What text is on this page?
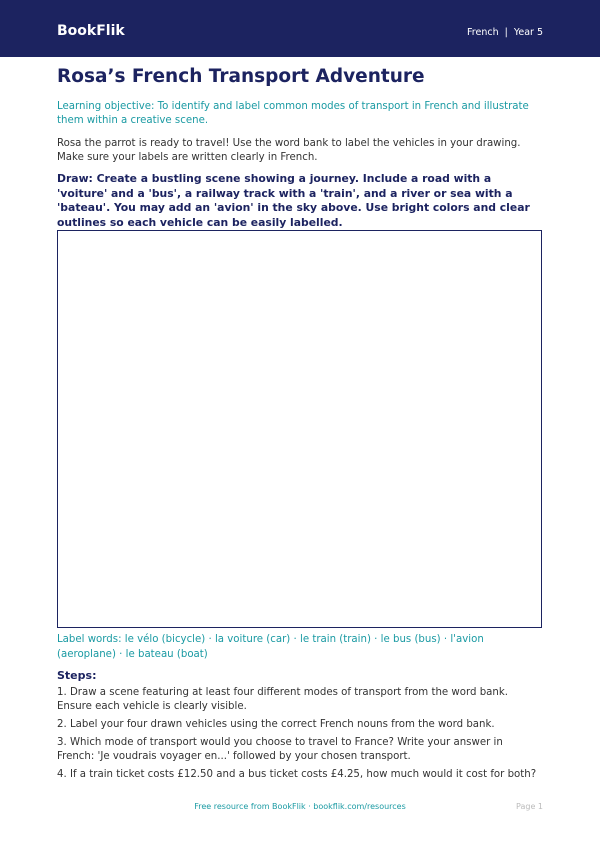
BookFlik	French | Year 5
Rosa’s French Transport Adventure
Learning objective: To identify and label common modes of transport in French and illustrate them within a creative scene.
Rosa the parrot is ready to travel! Use the word bank to label the vehicles in your drawing. Make sure your labels are written clearly in French.
Draw: Create a bustling scene showing a journey. Include a road with a 'voiture' and a 'bus', a railway track with a 'train', and a river or sea with a 'bateau'. You may add an 'avion' in the sky above. Use bright colors and clear outlines so each vehicle can be easily labelled.
Label words: le vélo (bicycle) · la voiture (car) · le train (train) · le bus (bus) · l'avion (aeroplane) · le bateau (boat)
Steps:
1. Draw a scene featuring at least four different modes of transport from the word bank. Ensure each vehicle is clearly visible.
2. Label your four drawn vehicles using the correct French nouns from the word bank.
3. Which mode of transport would you choose to travel to France? Write your answer in French: 'Je voudrais voyager en...' followed by your chosen transport.
4. If a train ticket costs £12.50 and a bus ticket costs £4.25, how much would it cost for both?
Free resource from BookFlik · bookflik.com/resources	Page 1
